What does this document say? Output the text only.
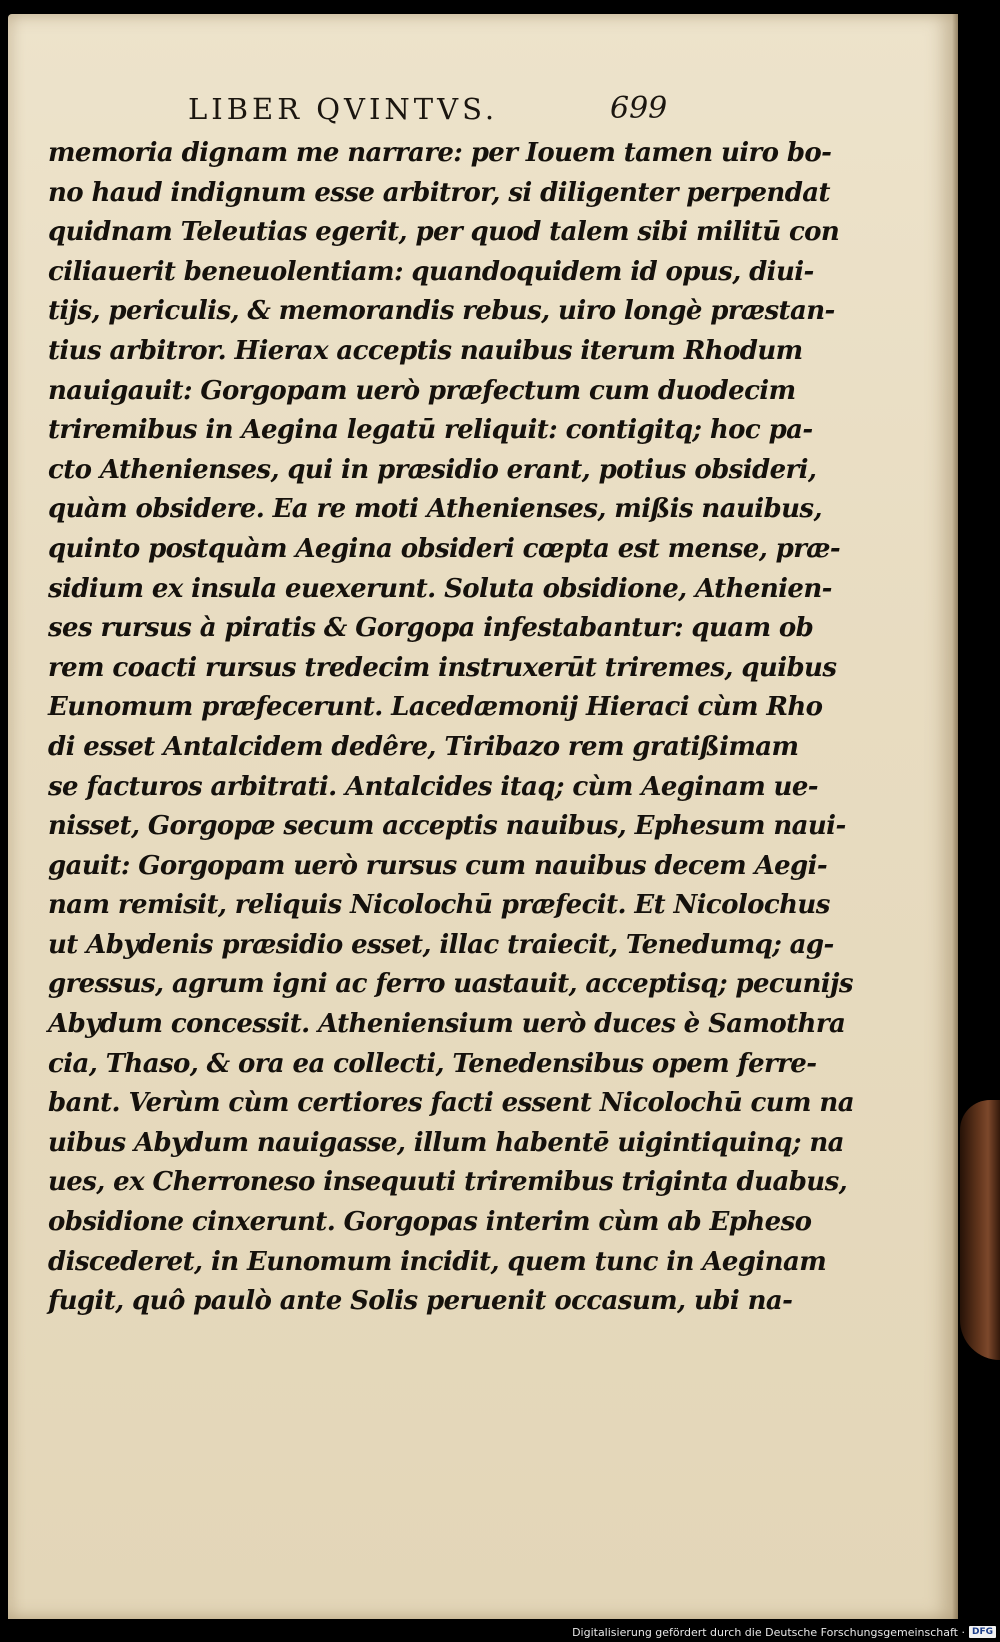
LIBER QVINTVS.	699
memoria dignam me narrare: per Iouem tamen uiro bo-
no haud indignum esse arbitror, si diligenter perpendat
quidnam Teleutias egerit, per quod talem sibi militū con
ciliauerit beneuolentiam: quandoquidem id opus, diui-
tijs, periculis, & memorandis rebus, uiro longè præstan-
tius arbitror. Hierax acceptis nauibus iterum Rhodum
nauigauit: Gorgopam uerò præfectum cum duodecim
triremibus in Aegina legatū reliquit: contigitq; hoc pa-
cto Athenienses, qui in præsidio erant, potius obsideri,
quàm obsidere. Ea re moti Athenienses, mißis nauibus,
quinto postquàm Aegina obsideri cœpta est mense, præ-
sidium ex insula euexerunt. Soluta obsidione, Athenien-
ses rursus à piratis & Gorgopa infestabantur: quam ob
rem coacti rursus tredecim instruxerūt triremes, quibus
Eunomum præfecerunt. Lacedæmonij Hieraci cùm Rho
di esset Antalcidem dedêre, Tiribazo rem gratißimam
se facturos arbitrati. Antalcides itaq; cùm Aeginam ue-
nisset, Gorgopæ secum acceptis nauibus, Ephesum naui-
gauit: Gorgopam uerò rursus cum nauibus decem Aegi-
nam remisit, reliquis Nicolochū præfecit. Et Nicolochus
ut Abydenis præsidio esset, illac traiecit, Tenedumq; ag-
gressus, agrum igni ac ferro uastauit, acceptisq; pecunijs
Abydum concessit. Atheniensium uerò duces è Samothra
cia, Thaso, & ora ea collecti, Tenedensibus opem ferre-
bant. Verùm cùm certiores facti essent Nicolochū cum na
uibus Abydum nauigasse, illum habentē uigintiquinq; na
ues, ex Cherroneso insequuti triremibus triginta duabus,
obsidione cinxerunt. Gorgopas interim cùm ab Epheso
discederet, in Eunomum incidit, quem tunc in Aeginam
fugit, quô paulò ante Solis peruenit occasum, ubi na-
Digitalisierung gefördert durch die Deutsche Forschungsgemeinschaft · DFG
